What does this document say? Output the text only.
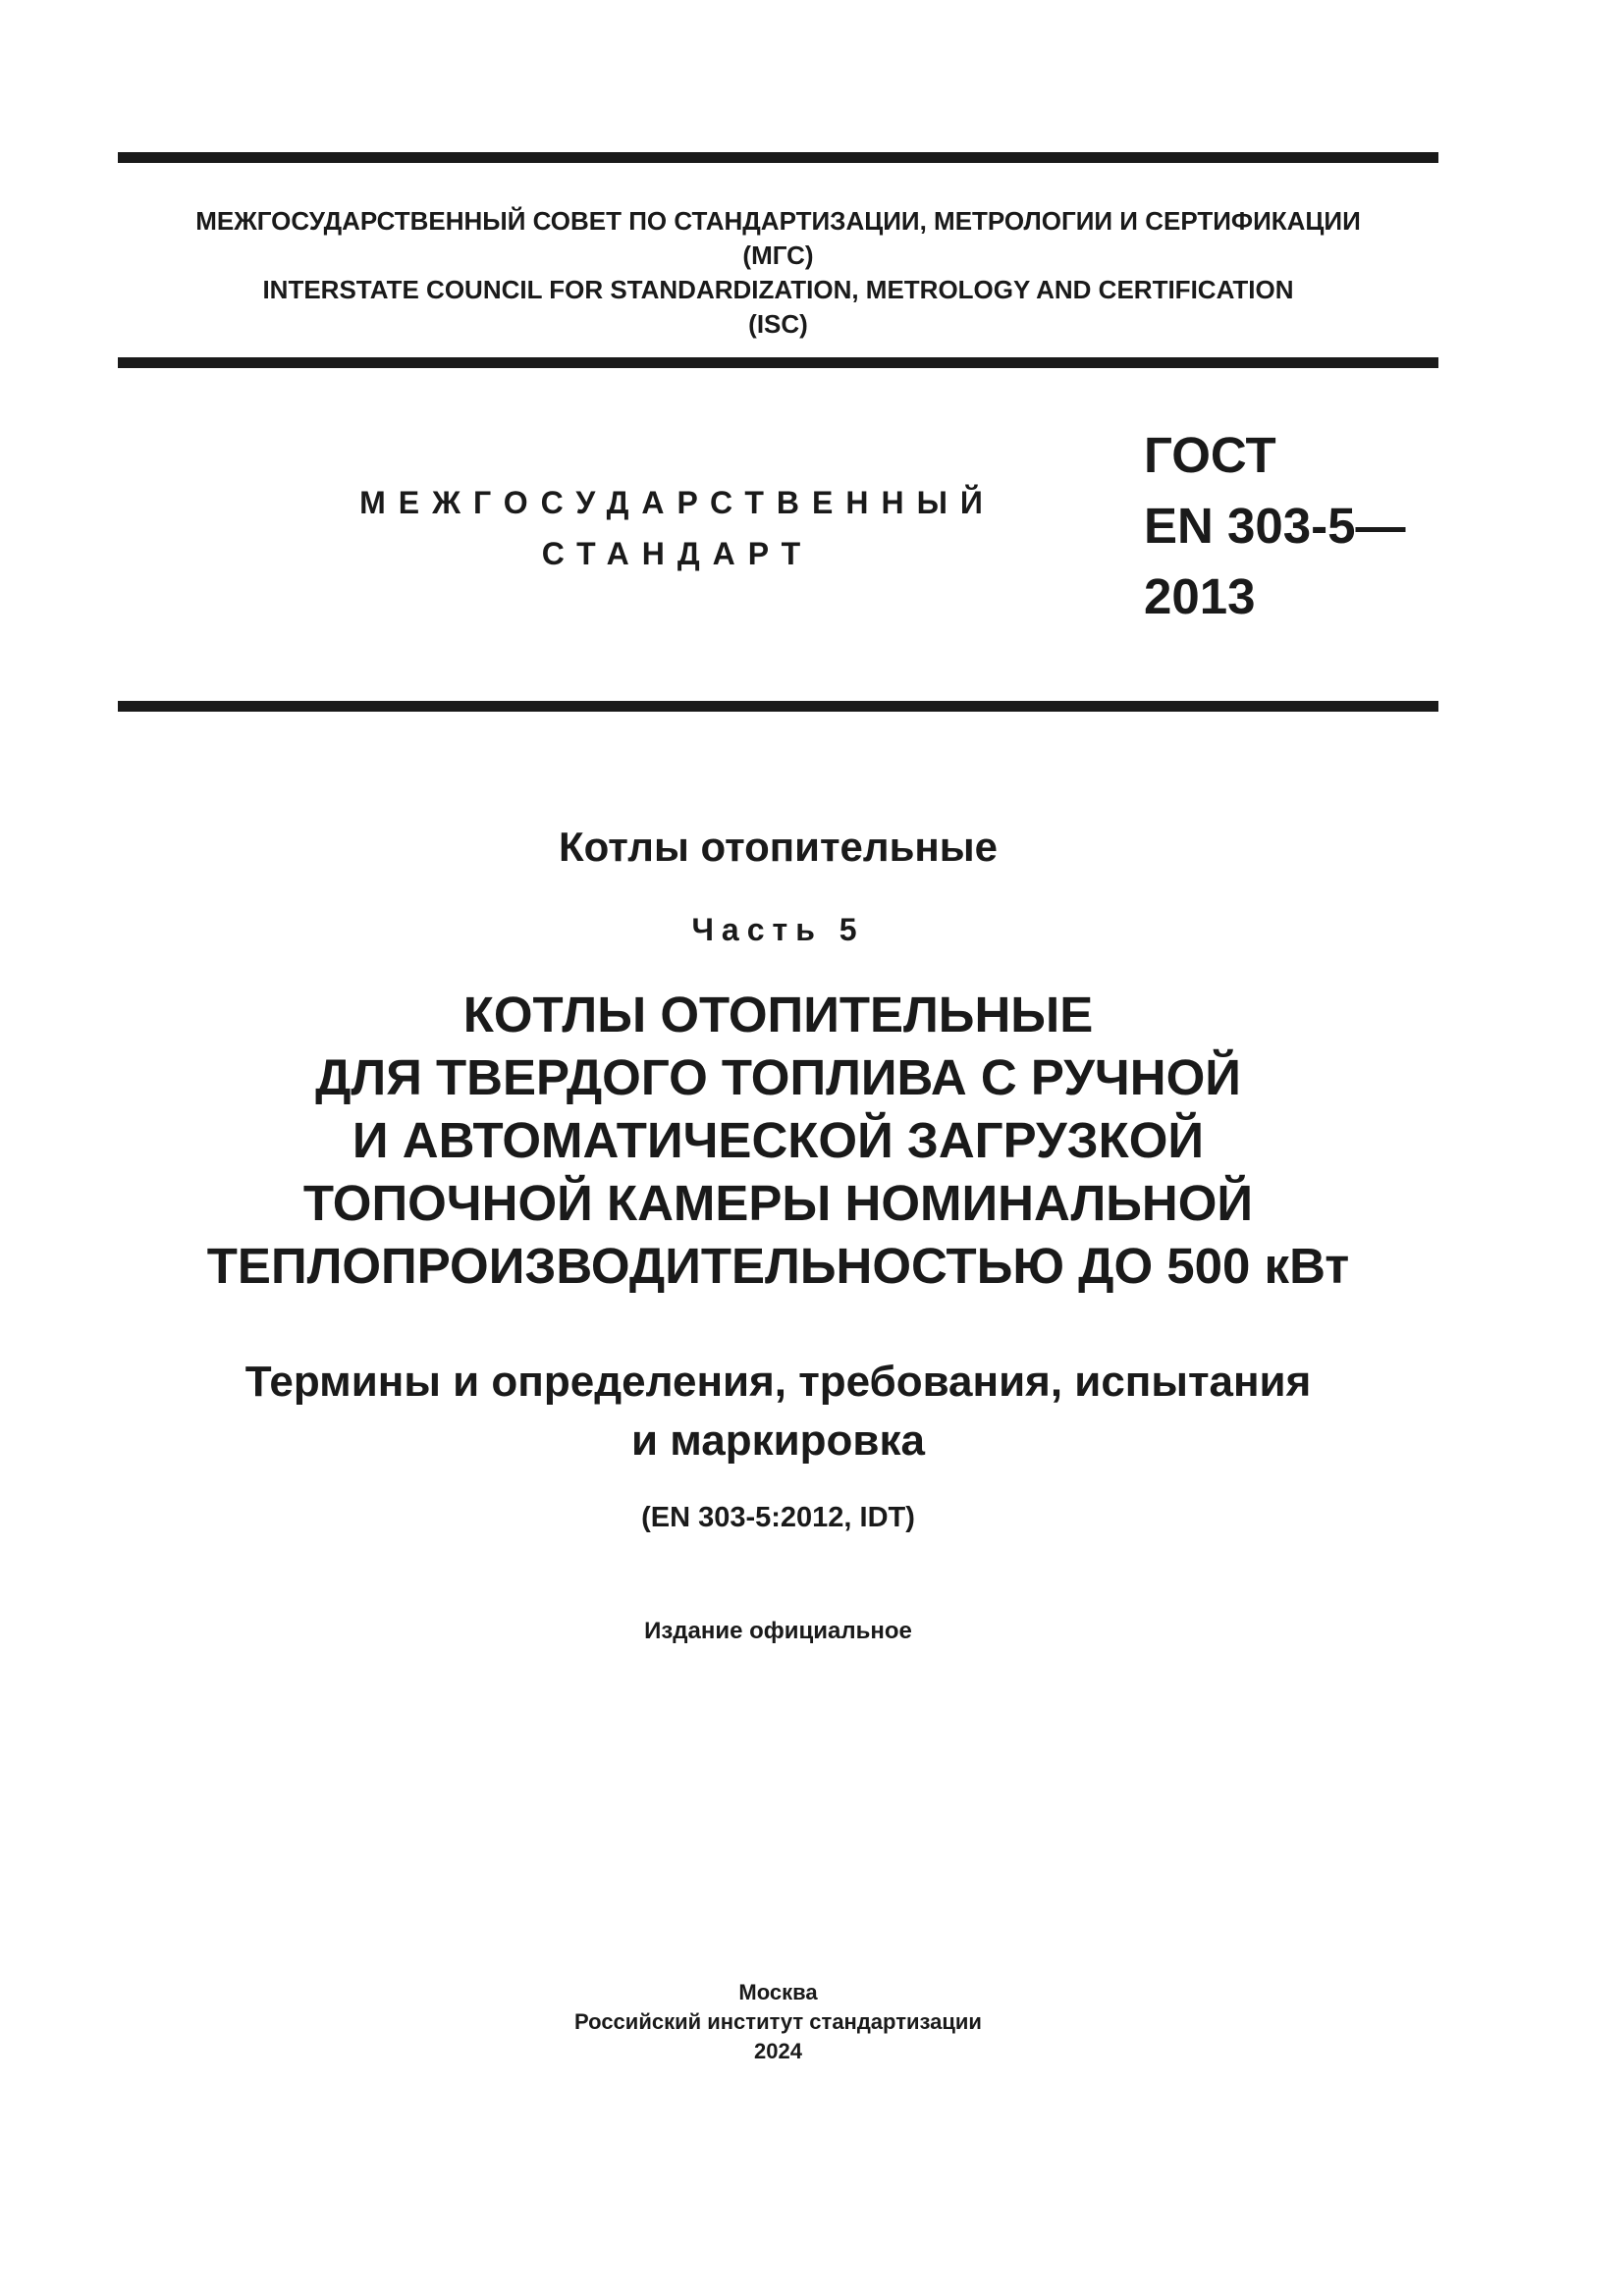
МЕЖГОСУДАРСТВЕННЫЙ СОВЕТ ПО СТАНДАРТИЗАЦИИ, МЕТРОЛОГИИ И СЕРТИФИКАЦИИ
(МГС)
INTERSTATE COUNCIL FOR STANDARDIZATION, METROLOGY AND CERTIFICATION
(ISC)
МЕЖГОСУДАРСТВЕННЫЙ
СТАНДАРТ
ГОСТ
EN 303-5—
2013
Котлы отопительные
Часть 5
КОТЛЫ ОТОПИТЕЛЬНЫЕ
ДЛЯ ТВЕРДОГО ТОПЛИВА С РУЧНОЙ
И АВТОМАТИЧЕСКОЙ ЗАГРУЗКОЙ
ТОПОЧНОЙ КАМЕРЫ НОМИНАЛЬНОЙ
ТЕПЛОПРОИЗВОДИТЕЛЬНОСТЬЮ ДО 500 кВт
Термины и определения, требования, испытания
и маркировка
(EN 303-5:2012, IDT)
Издание официальное
Москва
Российский институт стандартизации
2024
